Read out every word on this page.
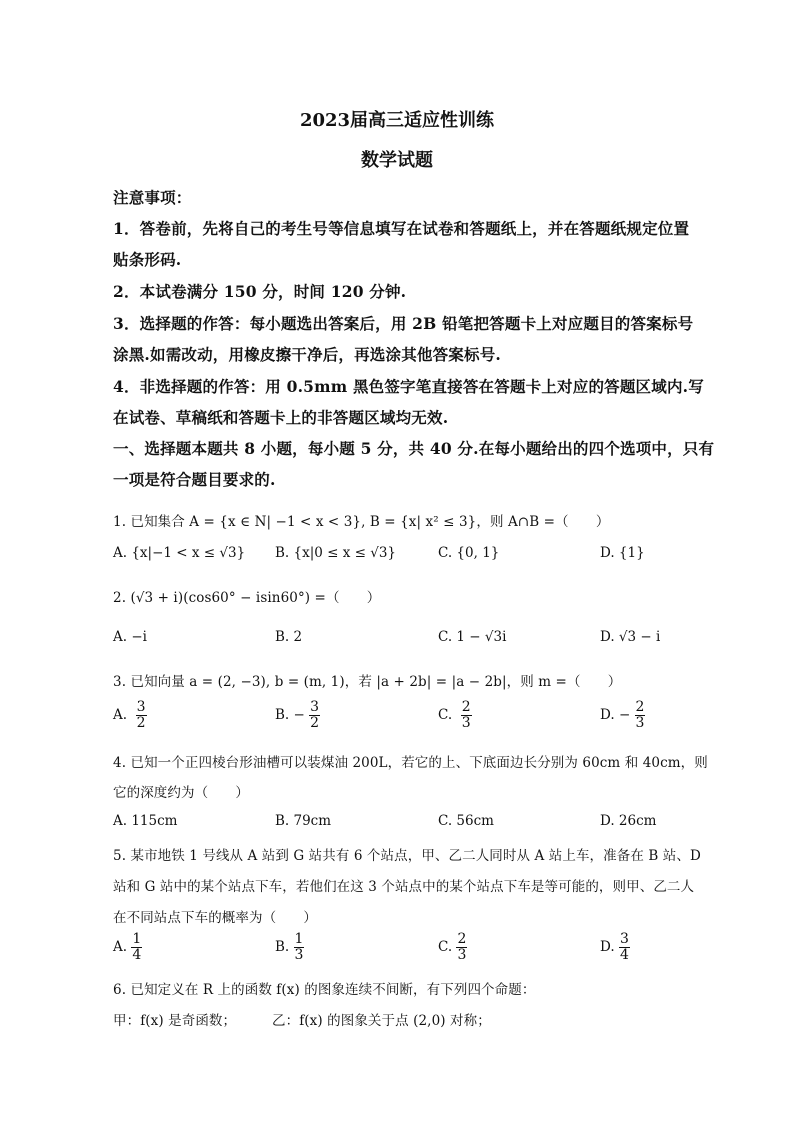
2023届高三适应性训练
数学试题
注意事项：
1．答卷前，先将自己的考生号等信息填写在试卷和答题纸上，并在答题纸规定位置
贴条形码.
2．本试卷满分 150 分，时间 120 分钟.
3．选择题的作答：每小题选出答案后，用 2B 铅笔把答题卡上对应题目的答案标号
涂黑.如需改动，用橡皮擦干净后，再选涂其他答案标号.
4．非选择题的作答：用 0.5mm 黑色签字笔直接答在答题卡上对应的答题区域内.写
在试卷、草稿纸和答题卡上的非答题区域均无效.
一、选择题本题共 8 小题，每小题 5 分，共 40 分.在每小题给出的四个选项中，只有
一项是符合题目要求的.
1. 已知集合 A = {x ∈ N| −1 < x < 3}, B = {x| x² ≤ 3}，则 A∩B =（　　）
A. {x|−1 < x ≤ √3} B. {x|0 ≤ x ≤ √3}	C. {0, 1}	D. {1}
2. (√3 + i)(cos60° − isin60°) =（　　）
A. −i	B. 2	C. 1 − √3i	D. √3 − i
3. 已知向量 a = (2, −3), b = (m, 1)，若 |a + 2b| = |a − 2b|，则 m =（　　）
A. $\frac{3}{2}$	B. − $\frac{3}{2}$	C. $\frac{2}{3}$	D. − $\frac{2}{3}$
4. 已知一个正四棱台形油槽可以装煤油 200L，若它的上、下底面边长分别为 60cm 和 40cm，则
它的深度约为（　　）
A. 115cm	B. 79cm	C. 56cm	D. 26cm
5. 某市地铁 1 号线从 A 站到 G 站共有 6 个站点，甲、乙二人同时从 A 站上车，准备在 B 站、D
站和 G 站中的某个站点下车，若他们在这 3 个站点中的某个站点下车是等可能的，则甲、乙二人
在不同站点下车的概率为（　　）
A. $\frac{1}{4}$	B. $\frac{1}{3}$	C. $\frac{2}{3}$	D. $\frac{3}{4}$
6. 已知定义在 R 上的函数 f(x) 的图象连续不间断，有下列四个命题：
甲：f(x) 是奇函数；	乙：f(x) 的图象关于点 (2,0) 对称；
